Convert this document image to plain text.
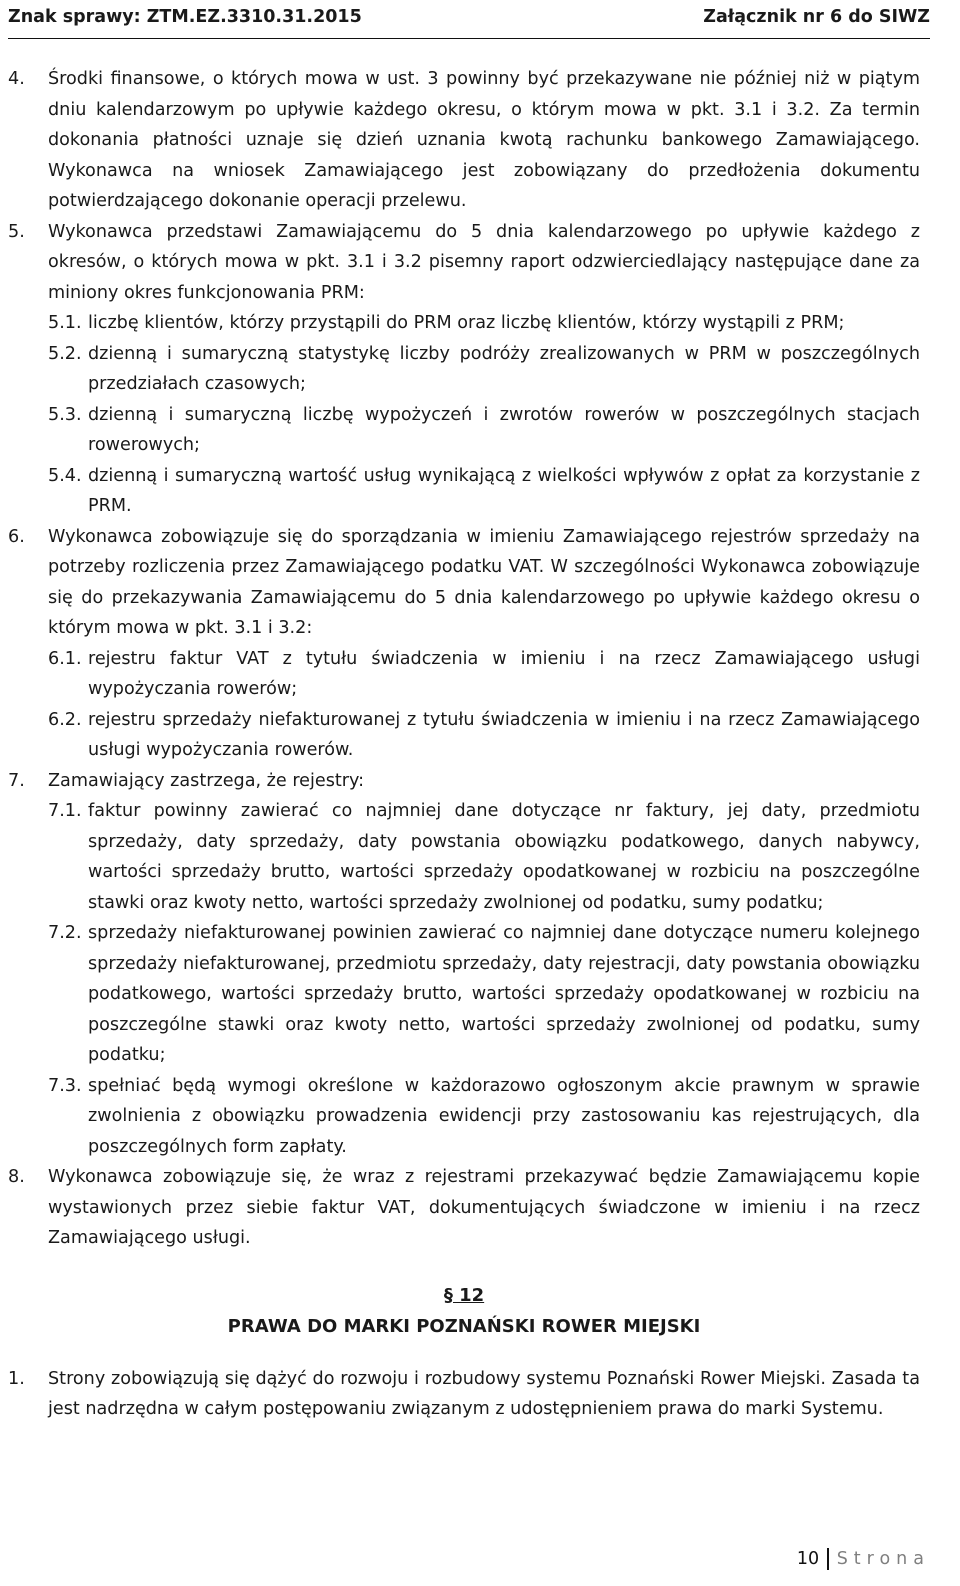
Znak sprawy: ZTM.EZ.3310.31.2015	Załącznik nr 6 do SIWZ
4.	Środki finansowe, o których mowa w ust. 3 powinny być przekazywane nie później niż w piątym dniu kalendarzowym po upływie każdego okresu, o którym mowa w pkt. 3.1 i 3.2. Za termin dokonania płatności uznaje się dzień uznania kwotą rachunku bankowego Zamawiającego. Wykonawca na wniosek Zamawiającego jest zobowiązany do przedłożenia dokumentu potwierdzającego dokonanie operacji przelewu.
5.	Wykonawca przedstawi Zamawiającemu do 5 dnia kalendarzowego po upływie każdego z okresów, o których mowa w pkt. 3.1 i 3.2 pisemny raport odzwierciedlający następujące dane za miniony okres funkcjonowania PRM:
5.1. liczbę klientów, którzy przystąpili do PRM oraz liczbę klientów, którzy wystąpili z PRM;
5.2. dzienną i sumaryczną statystykę liczby podróży zrealizowanych w PRM w poszczególnych przedziałach czasowych;
5.3. dzienną i sumaryczną liczbę wypożyczeń i zwrotów rowerów w poszczególnych stacjach rowerowych;
5.4. dzienną i sumaryczną wartość usług wynikającą z wielkości wpływów z opłat za korzystanie z PRM.
6.	Wykonawca zobowiązuje się do sporządzania w imieniu Zamawiającego rejestrów sprzedaży na potrzeby rozliczenia przez Zamawiającego podatku VAT. W szczególności Wykonawca zobowiązuje się do przekazywania Zamawiającemu do 5 dnia kalendarzowego po upływie każdego okresu o którym mowa w pkt. 3.1 i 3.2:
6.1. rejestru faktur VAT z tytułu świadczenia w imieniu i na rzecz Zamawiającego usługi wypożyczania rowerów;
6.2. rejestru sprzedaży niefakturowanej z tytułu świadczenia w imieniu i na rzecz Zamawiającego usługi wypożyczania rowerów.
7.	Zamawiający zastrzega, że rejestry:
7.1. faktur powinny zawierać co najmniej dane dotyczące nr faktury, jej daty, przedmiotu sprzedaży, daty sprzedaży, daty powstania obowiązku podatkowego, danych nabywcy, wartości sprzedaży brutto, wartości sprzedaży opodatkowanej w rozbiciu na poszczególne stawki oraz kwoty netto, wartości sprzedaży zwolnionej od podatku, sumy podatku;
7.2. sprzedaży niefakturowanej powinien zawierać co najmniej dane dotyczące numeru kolejnego sprzedaży niefakturowanej, przedmiotu sprzedaży, daty rejestracji, daty powstania obowiązku podatkowego, wartości sprzedaży brutto, wartości sprzedaży opodatkowanej w rozbiciu na poszczególne stawki oraz kwoty netto, wartości sprzedaży zwolnionej od podatku, sumy podatku;
7.3. spełniać będą wymogi określone w każdorazowo ogłoszonym akcie prawnym w sprawie zwolnienia z obowiązku prowadzenia ewidencji przy zastosowaniu kas rejestrujących, dla poszczególnych form zapłaty.
8.	Wykonawca zobowiązuje się, że wraz z rejestrami przekazywać będzie Zamawiającemu kopie wystawionych przez siebie faktur VAT, dokumentujących świadczone w imieniu i na rzecz Zamawiającego usługi.
§ 12
PRAWA DO MARKI POZNAŃSKI ROWER MIEJSKI
1.	Strony zobowiązują się dążyć do rozwoju i rozbudowy systemu Poznański Rower Miejski. Zasada ta jest nadrzędna w całym postępowaniu związanym z udostępnieniem prawa do marki Systemu.
10 Strona
